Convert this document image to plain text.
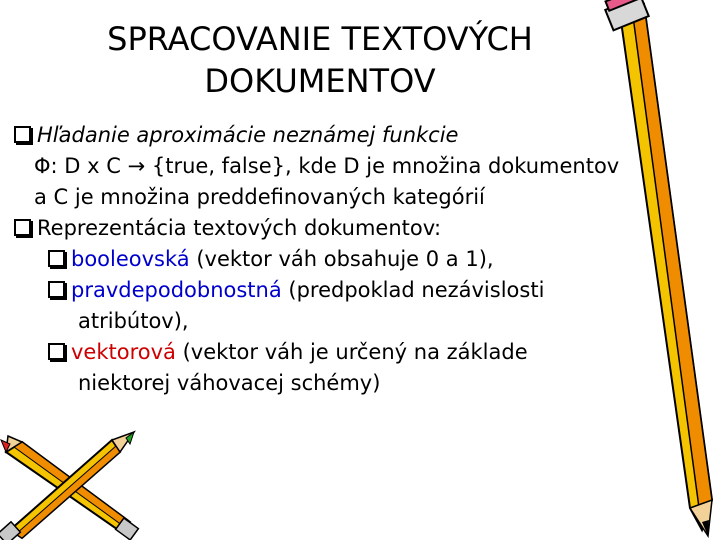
SPRACOVANIE TEXTOVÝCH
DOKUMENTOV
Hľadanie aproximácie neznámej funkcie
Φ: D x C → {true, false}, kde D je množina dokumentov
a C je množina preddefinovaných kategórií
Reprezentácia textových dokumentov:
booleovská (vektor váh obsahuje 0 a 1),
pravdepodobnostná (predpoklad nezávislosti
atribútov),
vektorová (vektor váh je určený na základe
niektorej váhovacej schémy)
